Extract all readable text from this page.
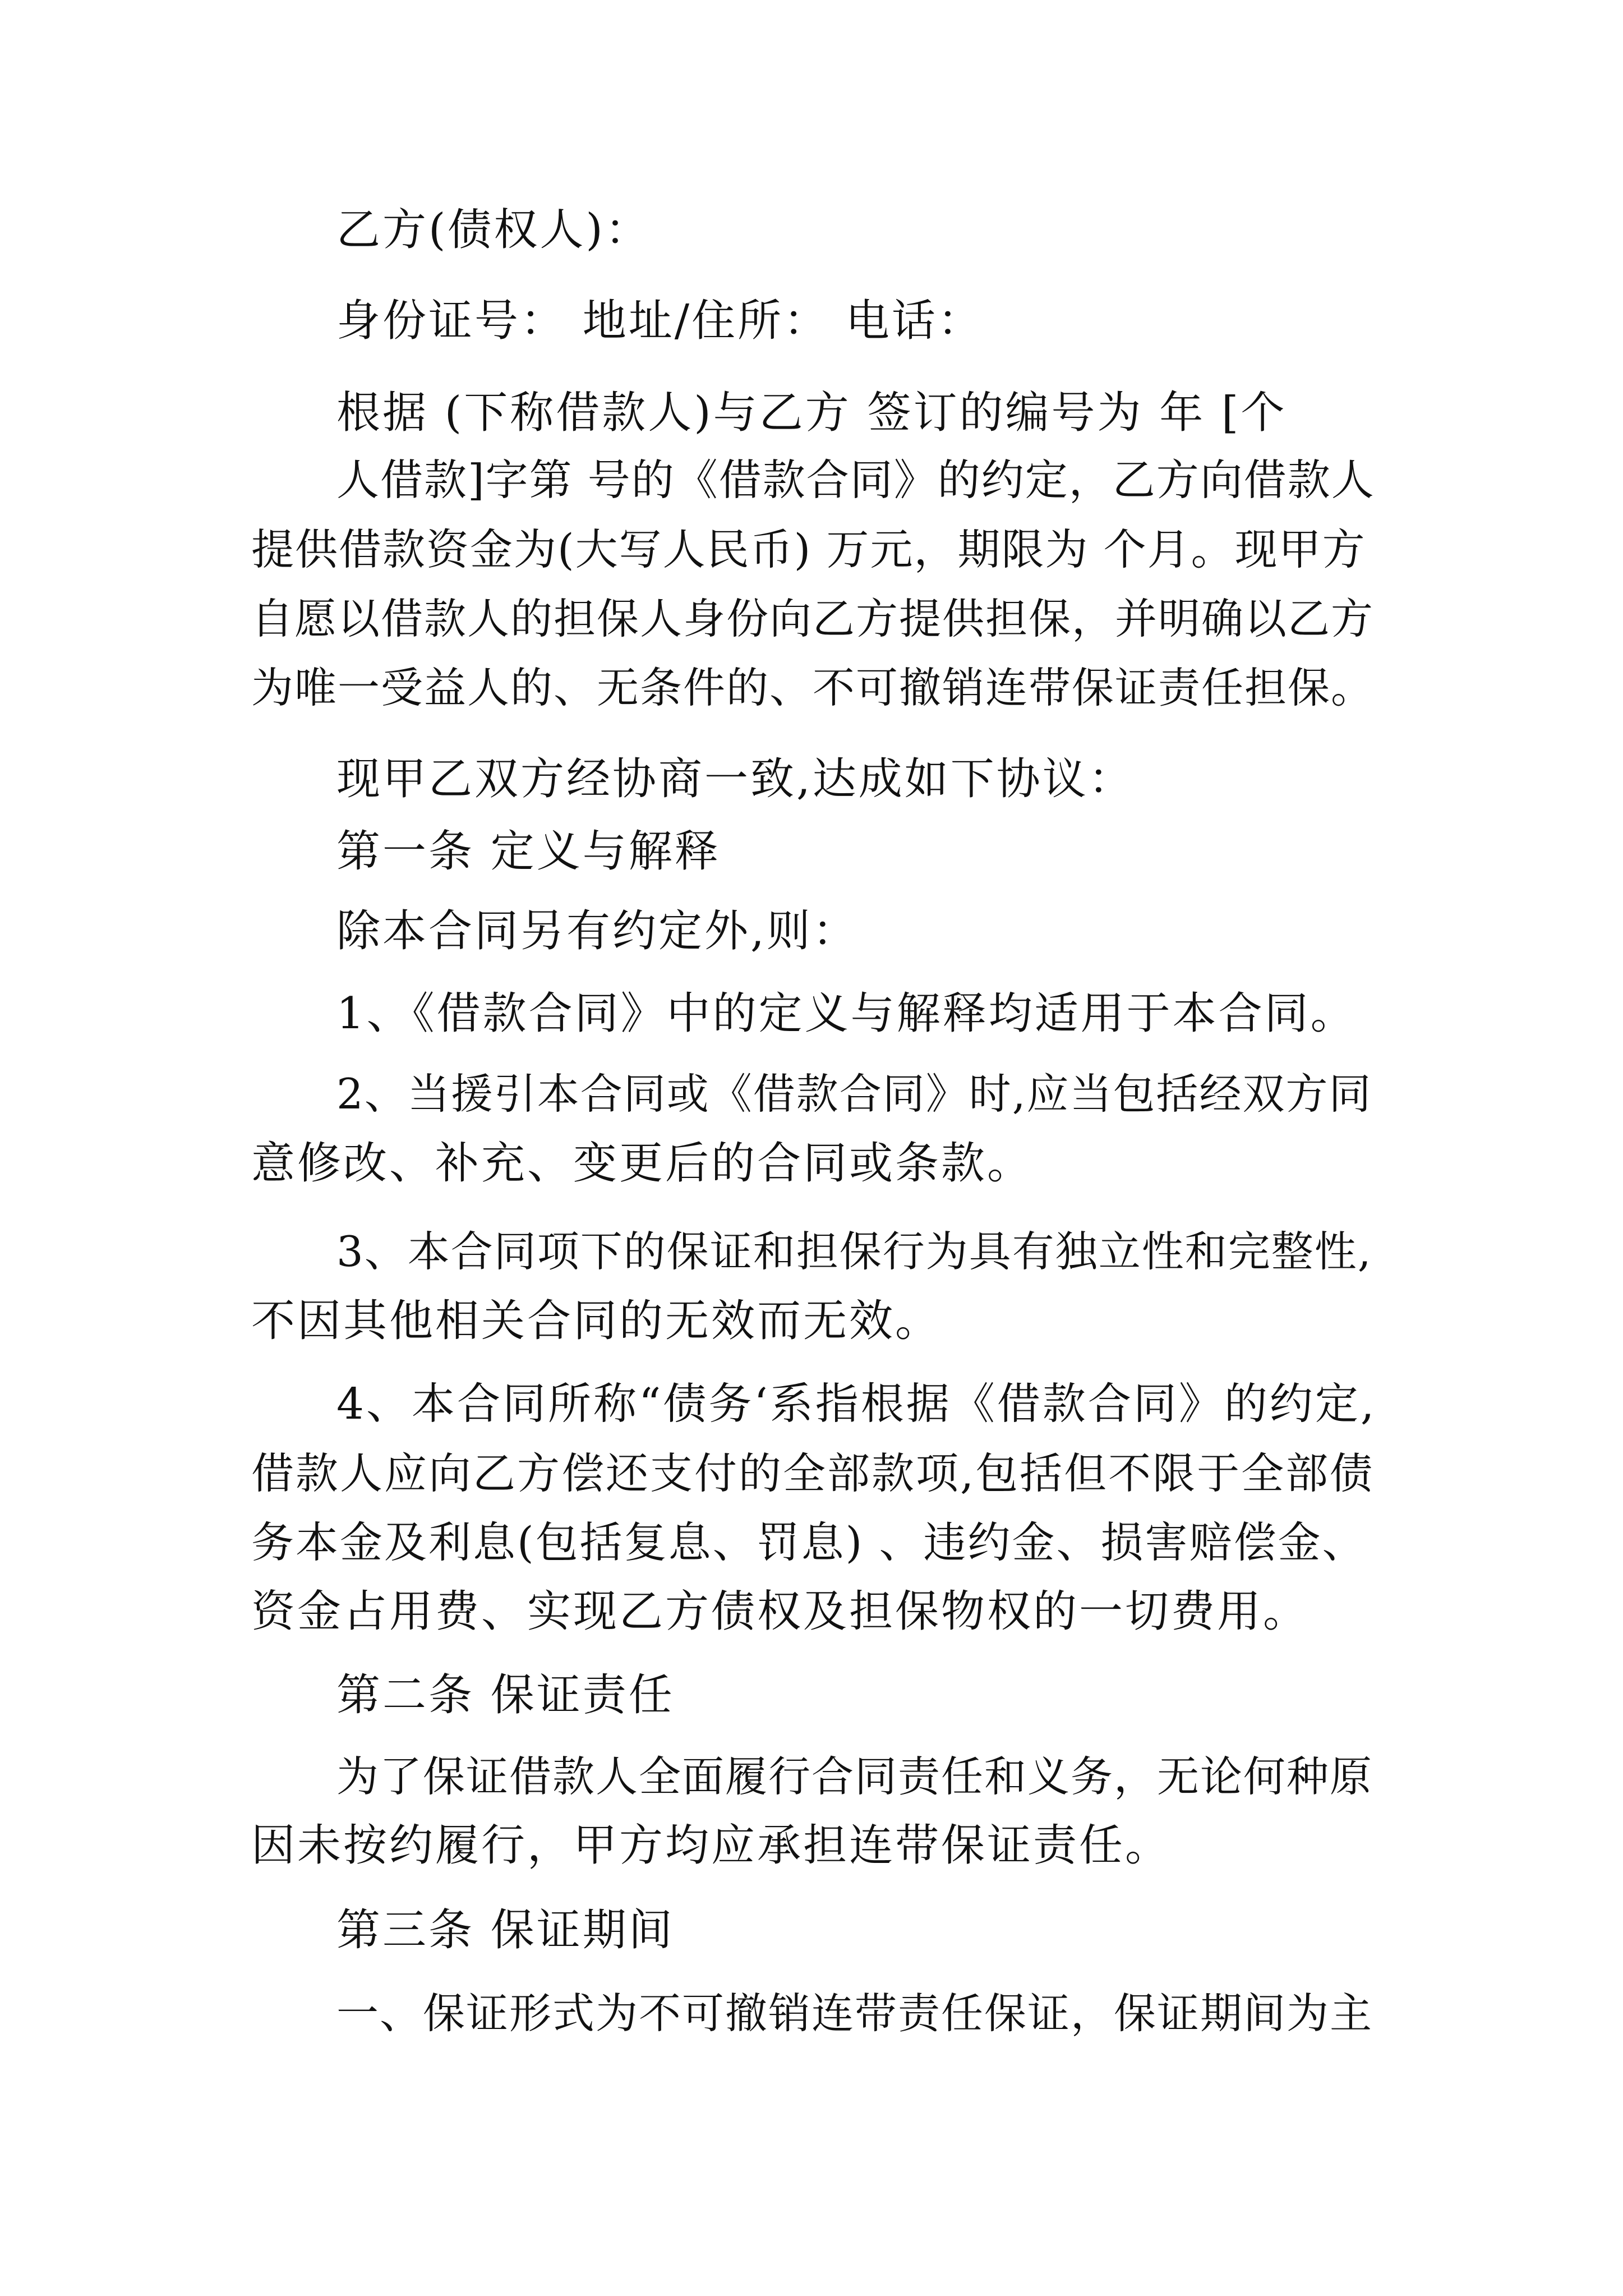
乙方(债权人)：
身份证号： 地址/住所： 电话：
根据 (下称借款人)与乙方 签订的编号为 年 [个
人借款]字第 号的《借款合同》的约定，乙方向借款人
提供借款资金为(大写人民币) 万元，期限为 个月。现甲方
自愿以借款人的担保人身份向乙方提供担保，并明确以乙方
为唯一受益人的、无条件的、不可撤销连带保证责任担保。
现甲乙双方经协商一致,达成如下协议：
第一条 定义与解释
除本合同另有约定外,则：
1、《借款合同》中的定义与解释均适用于本合同。
2、当援引本合同或《借款合同》时,应当包括经双方同
意修改、补充、变更后的合同或条款。
3、本合同项下的保证和担保行为具有独立性和完整性,
不因其他相关合同的无效而无效。
4、本合同所称“债务‘系指根据《借款合同》的约定,
借款人应向乙方偿还支付的全部款项,包括但不限于全部债
务本金及利息(包括复息、罚息) 、违约金、损害赔偿金、
资金占用费、实现乙方债权及担保物权的一切费用。
第二条 保证责任
为了保证借款人全面履行合同责任和义务，无论何种原
因未按约履行，甲方均应承担连带保证责任。
第三条 保证期间
一、保证形式为不可撤销连带责任保证，保证期间为主
